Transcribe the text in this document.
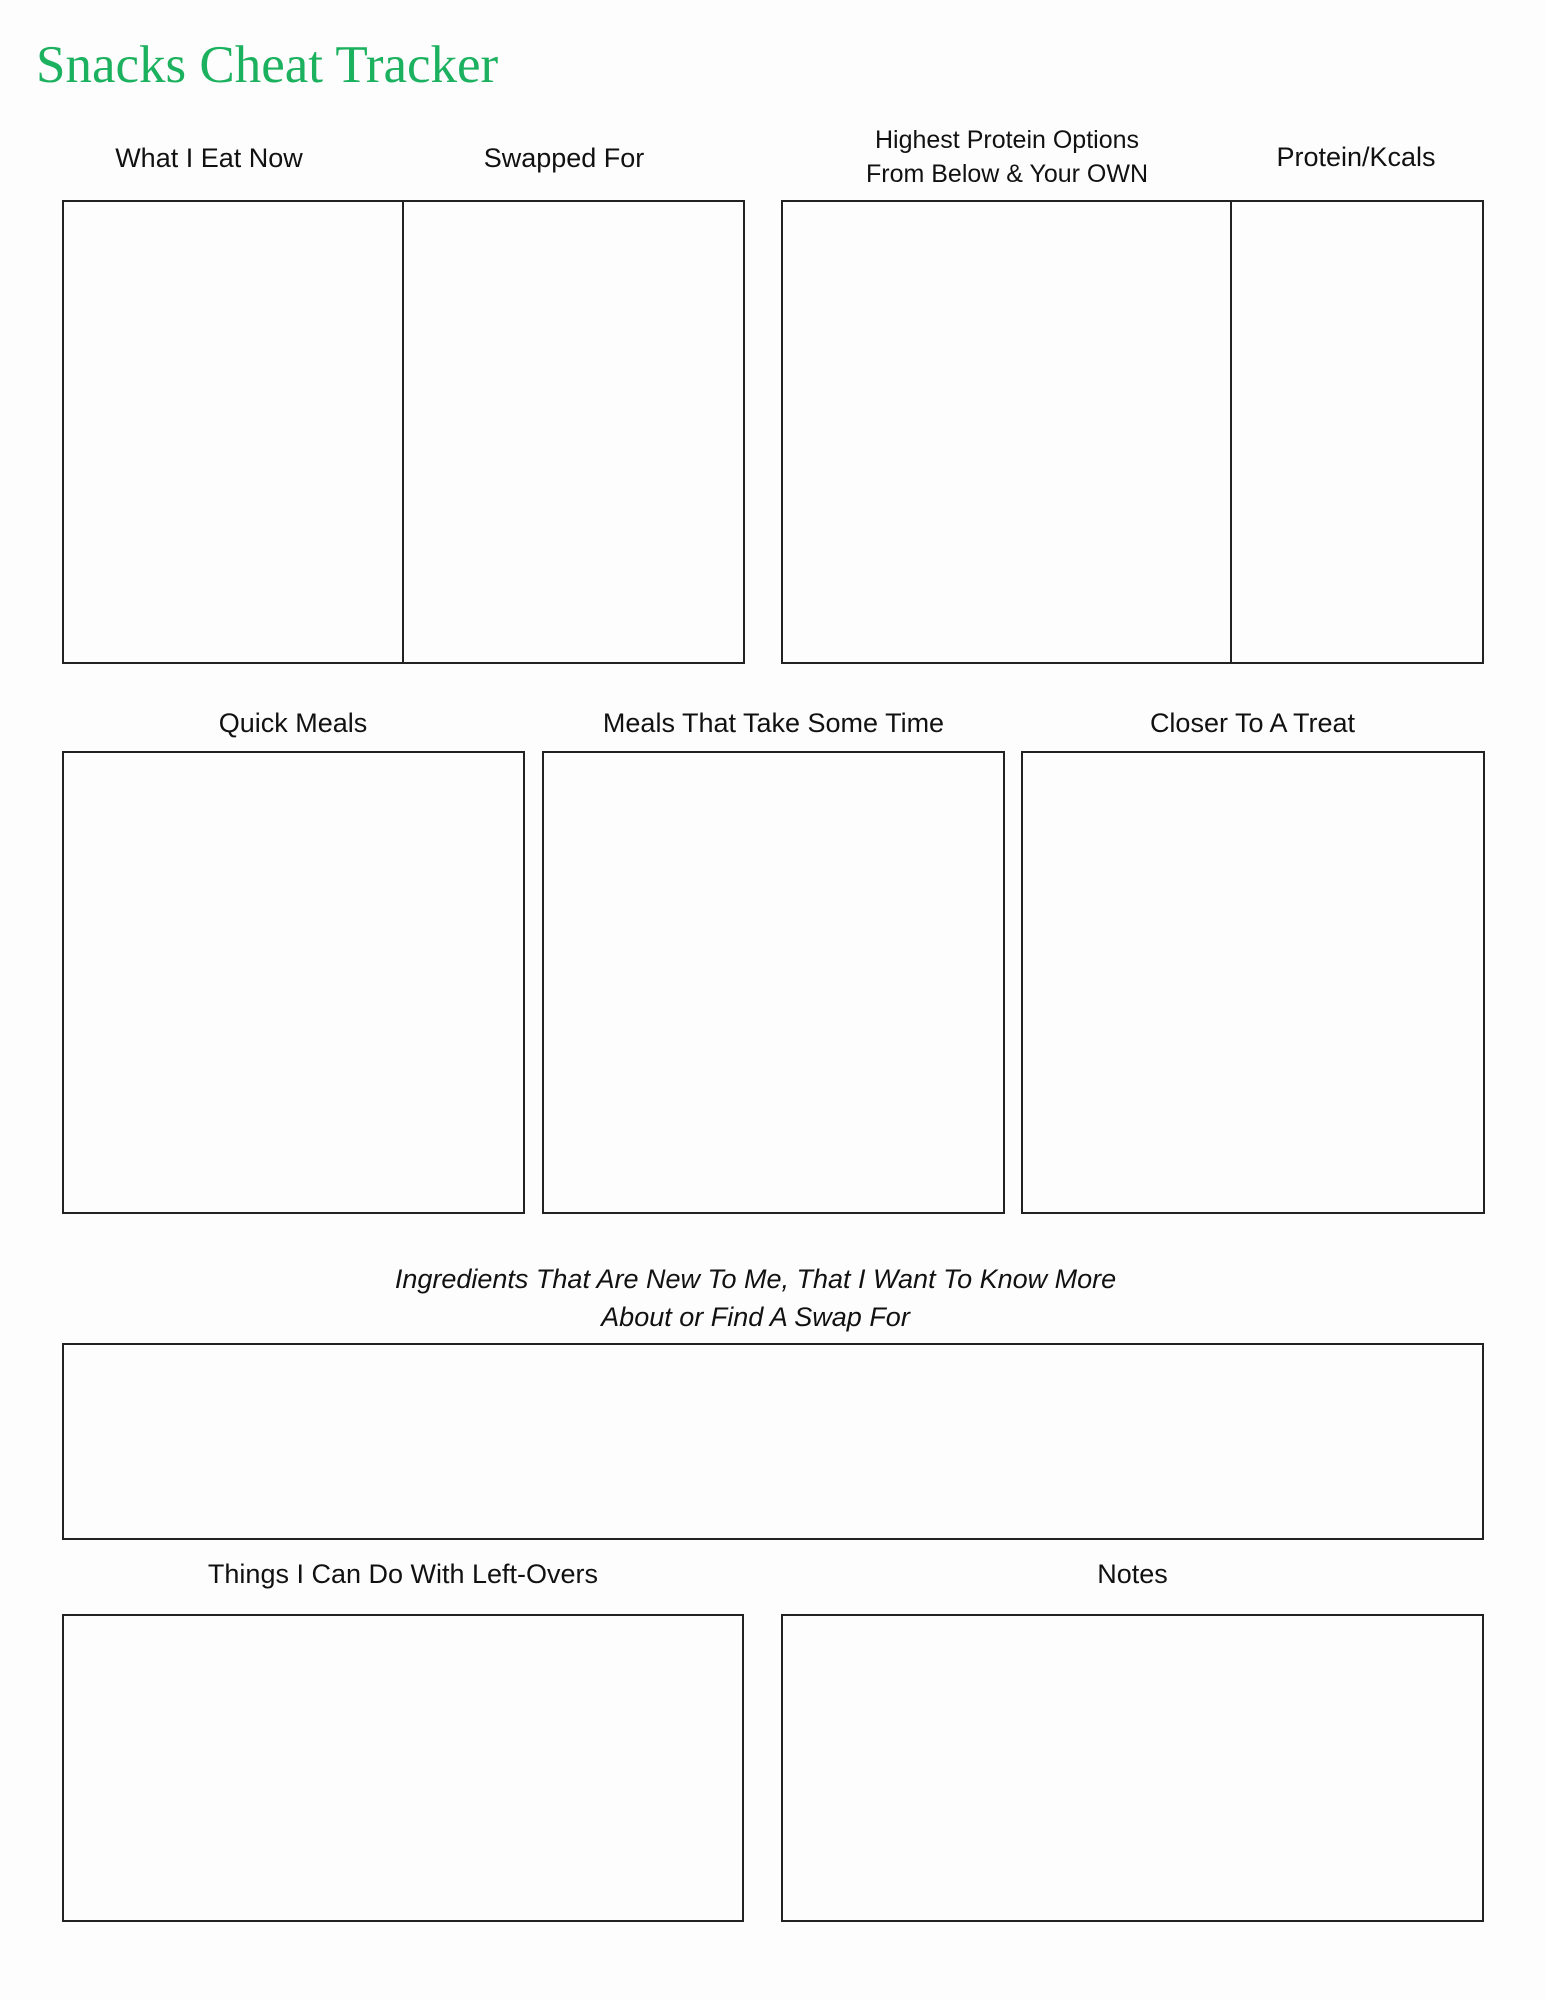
Snacks Cheat Tracker
What I Eat Now	Swapped For
Highest Protein Options
From Below & Your OWN
Protein/Kcals
Quick Meals	Meals That Take Some Time	Closer To A Treat
Ingredients That Are New To Me, That I Want To Know More
About or Find A Swap For
Things I Can Do With Left-Overs	Notes
